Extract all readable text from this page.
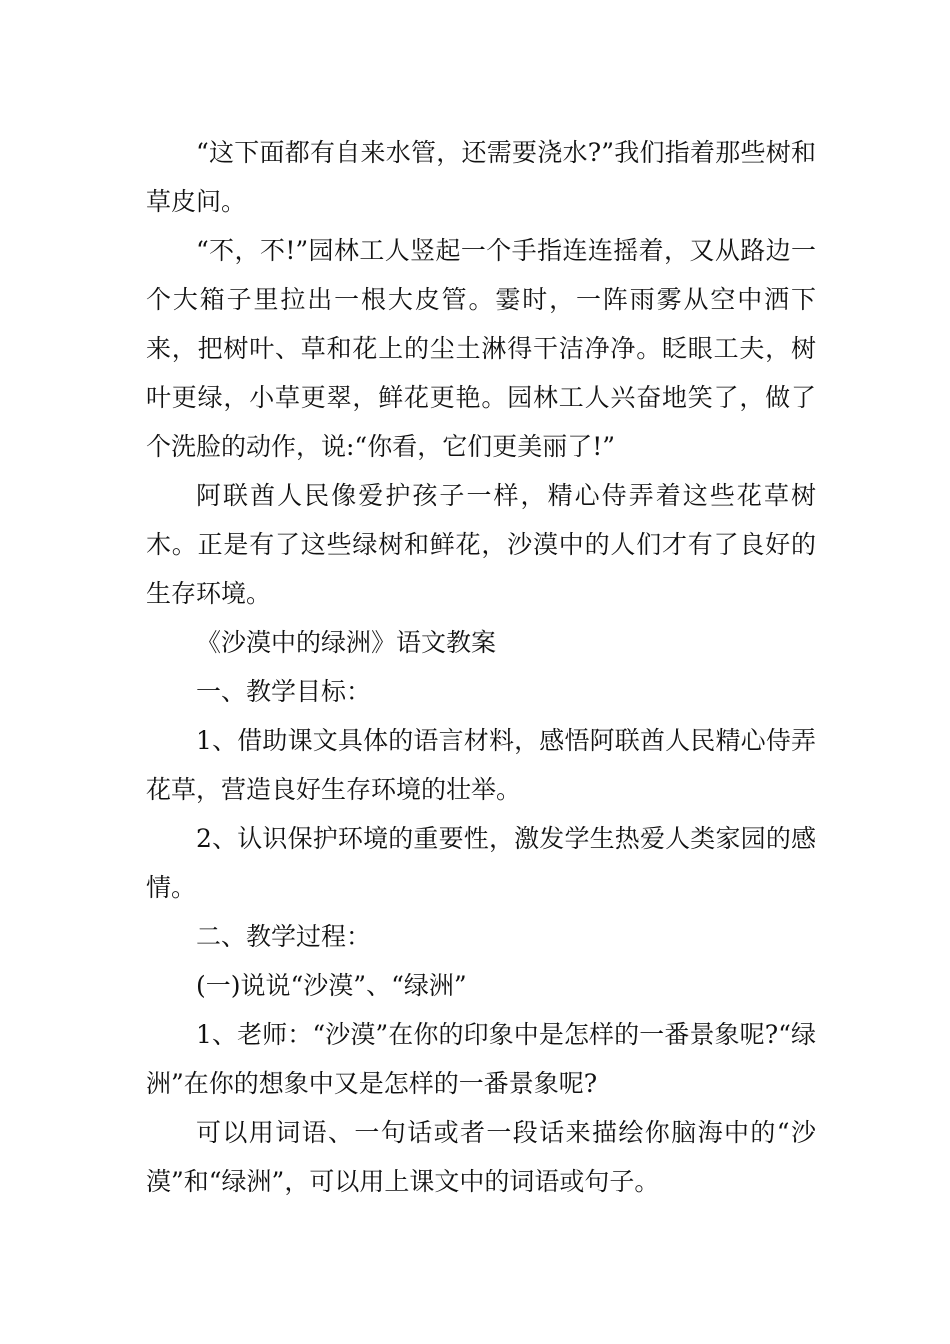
“这下面都有自来水管，还需要浇水?”我们指着那些树和草皮问。

“不，不!”园林工人竖起一个手指连连摇着，又从路边一个大箱子里拉出一根大皮管。霎时，一阵雨雾从空中洒下来，把树叶、草和花上的尘土淋得干洁净净。眨眼工夫，树叶更绿，小草更翠，鲜花更艳。园林工人兴奋地笑了，做了个洗脸的动作，说:“你看，它们更美丽了!”

阿联酋人民像爱护孩子一样，精心侍弄着这些花草树木。正是有了这些绿树和鲜花，沙漠中的人们才有了良好的生存环境。

《沙漠中的绿洲》语文教案

一、教学目标：

1、借助课文具体的语言材料，感悟阿联酋人民精心侍弄花草，营造良好生存环境的壮举。

2、认识保护环境的重要性，激发学生热爱人类家园的感情。

二、教学过程：

(一)说说“沙漠”、“绿洲”

1、老师：“沙漠”在你的印象中是怎样的一番景象呢?“绿洲”在你的想象中又是怎样的一番景象呢?

可以用词语、一句话或者一段话来描绘你脑海中的“沙漠”和“绿洲”，可以用上课文中的词语或句子。
